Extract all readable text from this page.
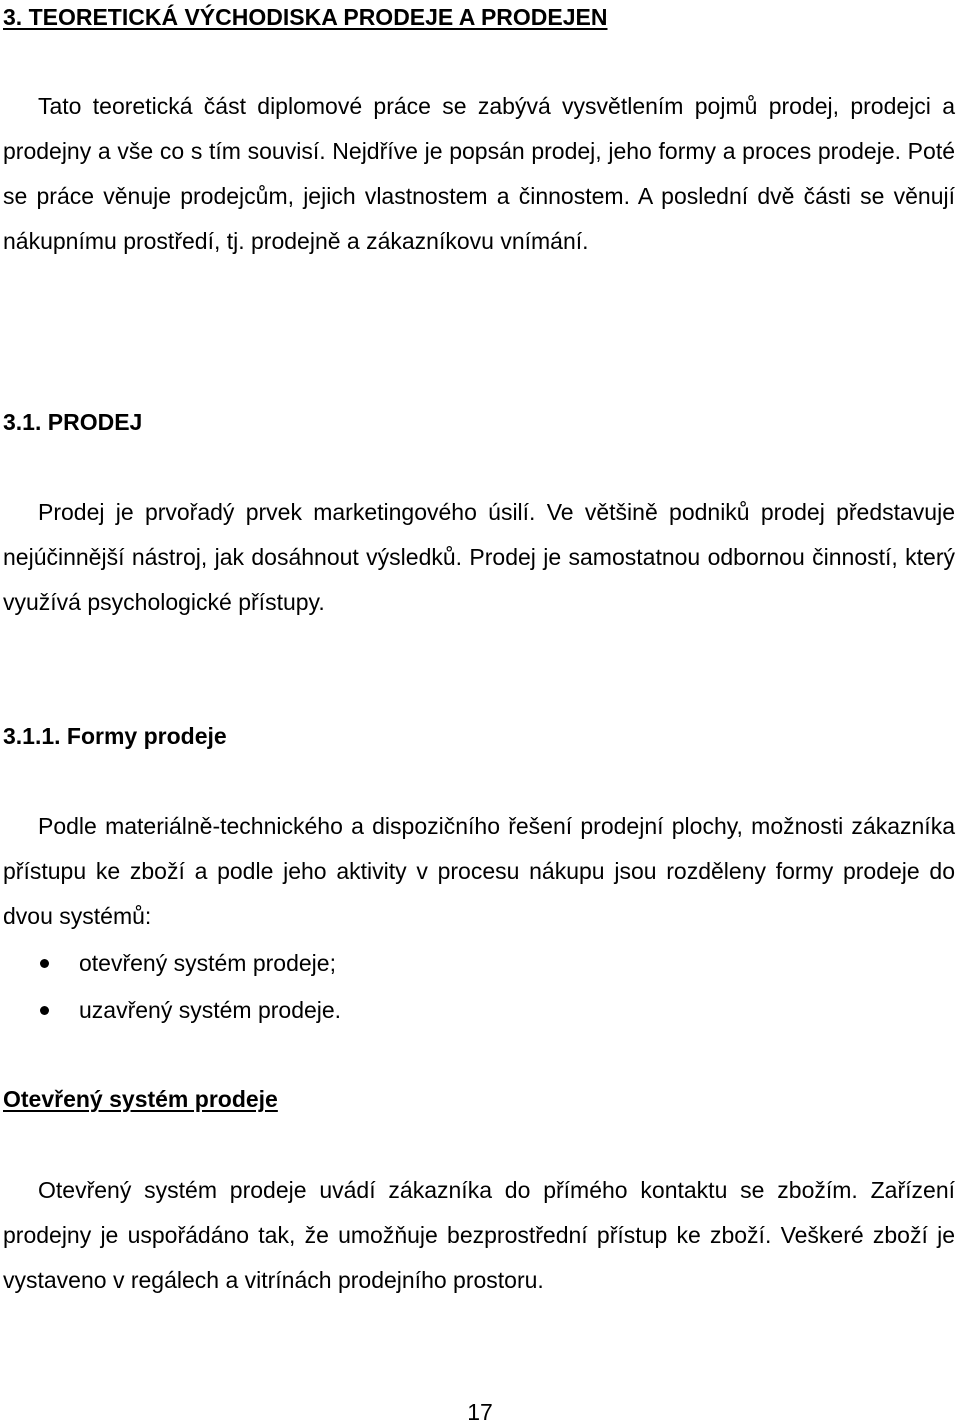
3. TEORETICKÁ VÝCHODISKA PRODEJE A PRODEJEN

Tato teoretická část diplomové práce se zabývá vysvětlením pojmů prodej, prodejci a prodejny a vše co s tím souvisí. Nejdříve je popsán prodej, jeho formy a proces prodeje. Poté se práce věnuje prodejcům, jejich vlastnostem a činnostem. A poslední dvě části se věnují nákupnímu prostředí, tj. prodejně a zákazníkovu vnímání.

3.1. PRODEJ

Prodej je prvořadý prvek marketingového úsilí. Ve většině podniků prodej představuje nejúčinnější nástroj, jak dosáhnout výsledků. Prodej je samostatnou odbornou činností, který využívá psychologické přístupy.

3.1.1. Formy prodeje

Podle materiálně-technického a dispozičního řešení prodejní plochy, možnosti zákazníka přístupu ke zboží a podle jeho aktivity v procesu nákupu jsou rozděleny formy prodeje do dvou systémů:

otevřený systém prodeje;
uzavřený systém prodeje.
Otevřený systém prodeje

Otevřený systém prodeje uvádí zákazníka do přímého kontaktu se zbožím. Zařízení prodejny je uspořádáno tak, že umožňuje bezprostřední přístup ke zboží. Veškeré zboží je vystaveno v regálech a vitrínách prodejního prostoru.

17
